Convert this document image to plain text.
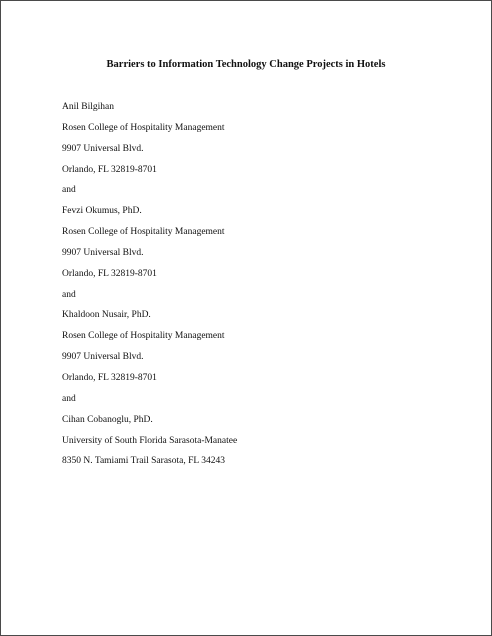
Barriers to Information Technology Change Projects in Hotels
Anil Bilgihan
Rosen College of Hospitality Management
9907 Universal Blvd.
Orlando, FL 32819-8701
and
Fevzi Okumus, PhD.
Rosen College of Hospitality Management
9907 Universal Blvd.
Orlando, FL 32819-8701
and
Khaldoon Nusair, PhD.
Rosen College of Hospitality Management
9907 Universal Blvd.
Orlando, FL 32819-8701
and
Cihan Cobanoglu, PhD.
University of South Florida Sarasota-Manatee
8350 N. Tamiami Trail Sarasota, FL 34243
